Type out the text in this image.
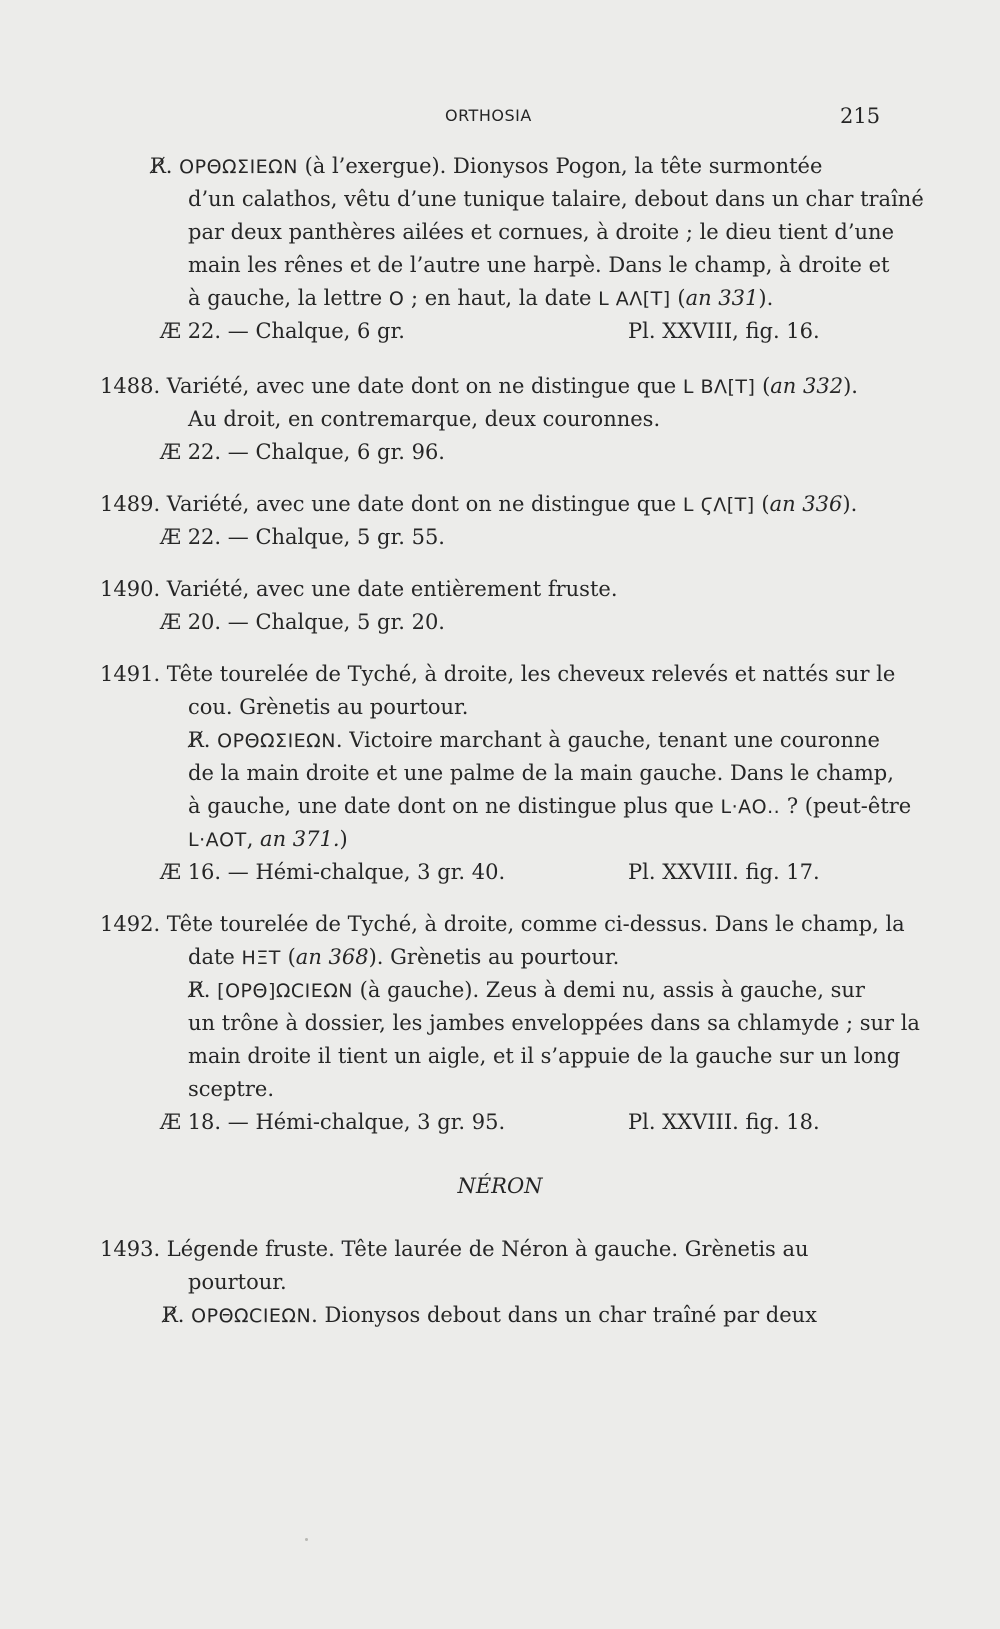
ORTHOSIA	215
R̸. ΟΡΘΩΣΙΕΩΝ (à l’exergue). Dionysos Pogon, la tête surmontée
d’un calathos, vêtu d’une tunique talaire, debout dans un char traîné
par deux panthères ailées et cornues, à droite ; le dieu tient d’une
main les rênes et de l’autre une harpè. Dans le champ, à droite et
à gauche, la lettre O ; en haut, la date L ΑΛ[Τ] (an 331).
Æ 22. — Chalque, 6 gr.	Pl. XXVIII, fig. 16.
1488. Variété, avec une date dont on ne distingue que L ΒΛ[Τ] (an 332).
Au droit, en contremarque, deux couronnes.
Æ 22. — Chalque, 6 gr. 96.
1489. Variété, avec une date dont on ne distingue que L ϚΛ[Τ] (an 336).
Æ 22. — Chalque, 5 gr. 55.
1490. Variété, avec une date entièrement fruste.
Æ 20. — Chalque, 5 gr. 20.
1491. Tête tourelée de Tyché, à droite, les cheveux relevés et nattés sur le
cou. Grènetis au pourtour.
R̸. ΟΡΘΩΣΙΕΩΝ. Victoire marchant à gauche, tenant une couronne
de la main droite et une palme de la main gauche. Dans le champ,
à gauche, une date dont on ne distingue plus que L·ΑΟ.. ? (peut-être
L·ΑΟΤ, an 371.)
Æ 16. — Hémi-chalque, 3 gr. 40.	Pl. XXVIII. fig. 17.
1492. Tête tourelée de Tyché, à droite, comme ci-dessus. Dans le champ, la
date ΗΞΤ (an 368). Grènetis au pourtour.
R̸. [ΟΡΘ]ΩϹΙΕΩΝ (à gauche). Zeus à demi nu, assis à gauche, sur
un trône à dossier, les jambes enveloppées dans sa chlamyde ; sur la
main droite il tient un aigle, et il s’appuie de la gauche sur un long
sceptre.
Æ 18. — Hémi-chalque, 3 gr. 95.	Pl. XXVIII. fig. 18.
NÉRON
1493. Légende fruste. Tête laurée de Néron à gauche. Grènetis au
pourtour.
R̸. ΟΡΘΩϹΙΕΩΝ. Dionysos debout dans un char traîné par deux
